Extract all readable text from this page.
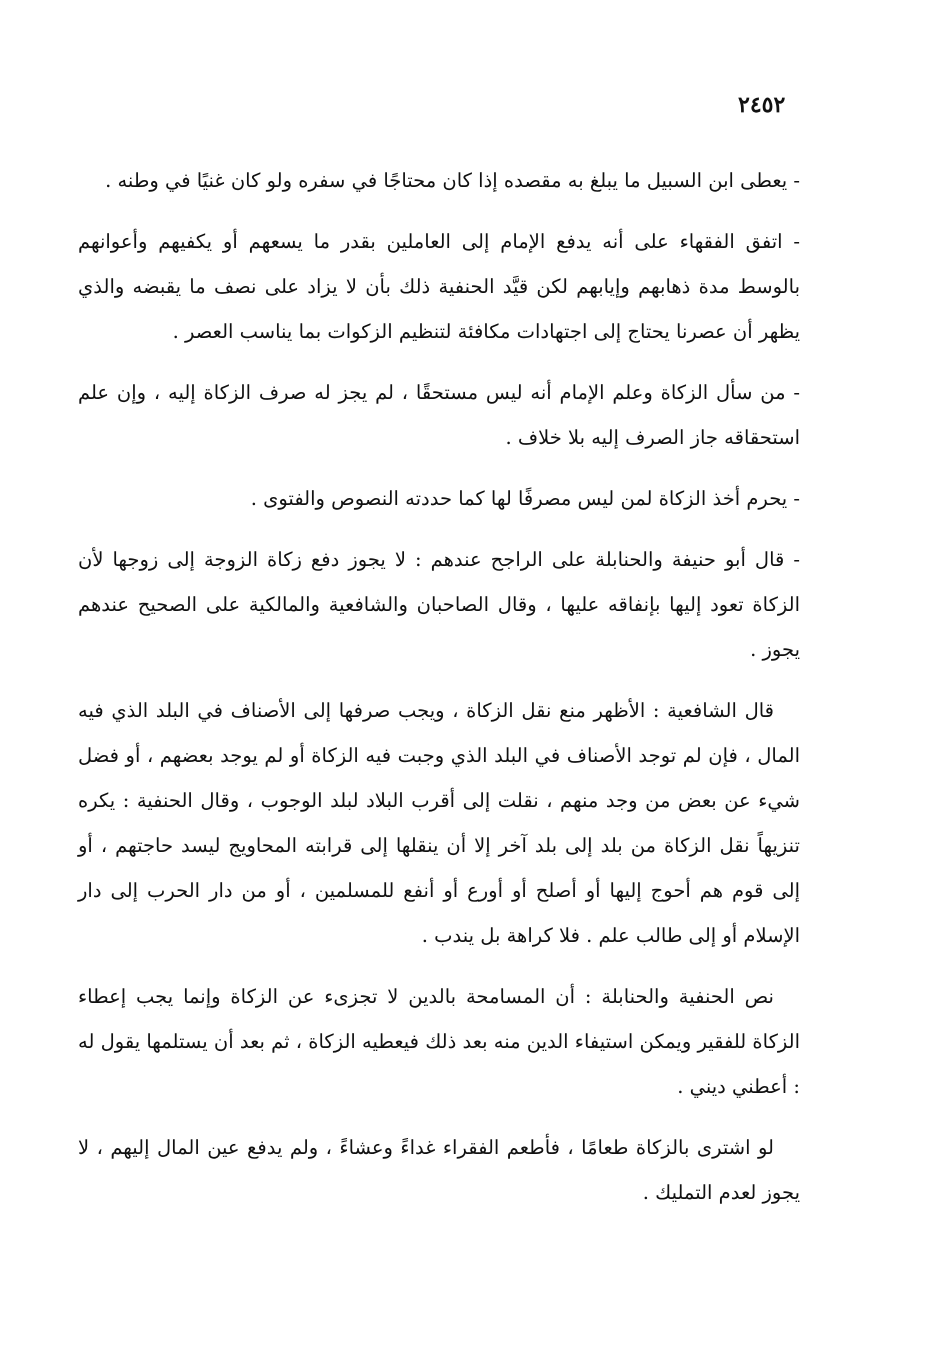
٢٤٥٢

- يعطى ابن السبيل ما يبلغ به مقصده إذا كان محتاجًا في سفره ولو كان غنيًا في وطنه .

- اتفق الفقهاء على أنه يدفع الإمام إلى العاملين بقدر ما يسعهم أو يكفيهم وأعوانهم بالوسط مدة ذهابهم وإيابهم لكن قيَّد الحنفية ذلك بأن لا يزاد على نصف ما يقبضه والذي يظهر أن عصرنا يحتاج إلى اجتهادات مكافئة لتنظيم الزكوات بما يناسب العصر .

- من سأل الزكاة وعلم الإمام أنه ليس مستحقًا ، لم يجز له صرف الزكاة إليه ، وإن علم استحقاقه جاز الصرف إليه بلا خلاف .

- يحرم أخذ الزكاة لمن ليس مصرفًا لها كما حددته النصوص والفتوى .

- قال أبو حنيفة والحنابلة على الراجح عندهم : لا يجوز دفع زكاة الزوجة إلى زوجها لأن الزكاة تعود إليها بإنفاقه عليها ، وقال الصاحبان والشافعية والمالكية على الصحيح عندهم يجوز .

قال الشافعية : الأظهر منع نقل الزكاة ، ويجب صرفها إلى الأصناف في البلد الذي فيه المال ، فإن لم توجد الأصناف في البلد الذي وجبت فيه الزكاة أو لم يوجد بعضهم ، أو فضل شيء عن بعض من وجد منهم ، نقلت إلى أقرب البلاد لبلد الوجوب ، وقال الحنفية : يكره تنزيهاً نقل الزكاة من بلد إلى بلد آخر إلا أن ينقلها إلى قرابته المحاويج ليسد حاجتهم ، أو إلى قوم هم أحوج إليها أو أصلح أو أورع أو أنفع للمسلمين ، أو من دار الحرب إلى دار الإسلام أو إلى طالب علم . فلا كراهة بل يندب .

نص الحنفية والحنابلة : أن المسامحة بالدين لا تجزىء عن الزكاة وإنما يجب إعطاء الزكاة للفقير ويمكن استيفاء الدين منه بعد ذلك فيعطيه الزكاة ، ثم بعد أن يستلمها يقول له : أعطني ديني .

لو اشترى بالزكاة طعامًا ، فأطعم الفقراء غداءً وعشاءً ، ولم يدفع عين المال إليهم ، لا يجوز لعدم التمليك .
